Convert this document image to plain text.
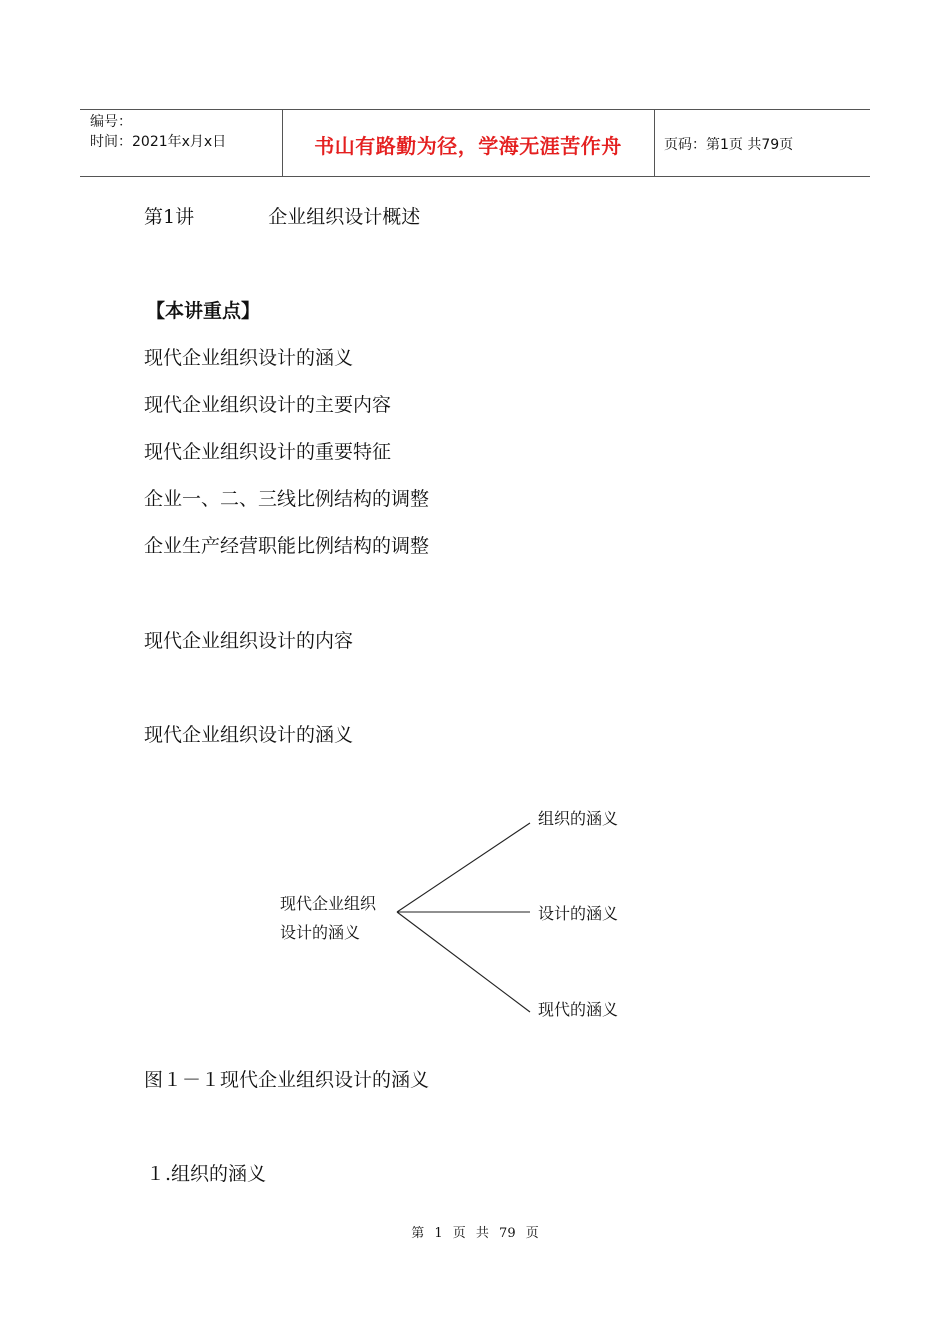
编号：
时间：2021年x月x日	书山有路勤为径，学海无涯苦作舟	页码：第1页 共79页
第1讲	企业组织设计概述
【本讲重点】
现代企业组织设计的涵义
现代企业组织设计的主要内容
现代企业组织设计的重要特征
企业一、二、三线比例结构的调整
企业生产经营职能比例结构的调整
现代企业组织设计的内容
现代企业组织设计的涵义
现代企业组织
设计的涵义
组织的涵义
设计的涵义
现代的涵义
图１－１现代企业组织设计的涵义
１.组织的涵义
第 1 页 共 79 页
